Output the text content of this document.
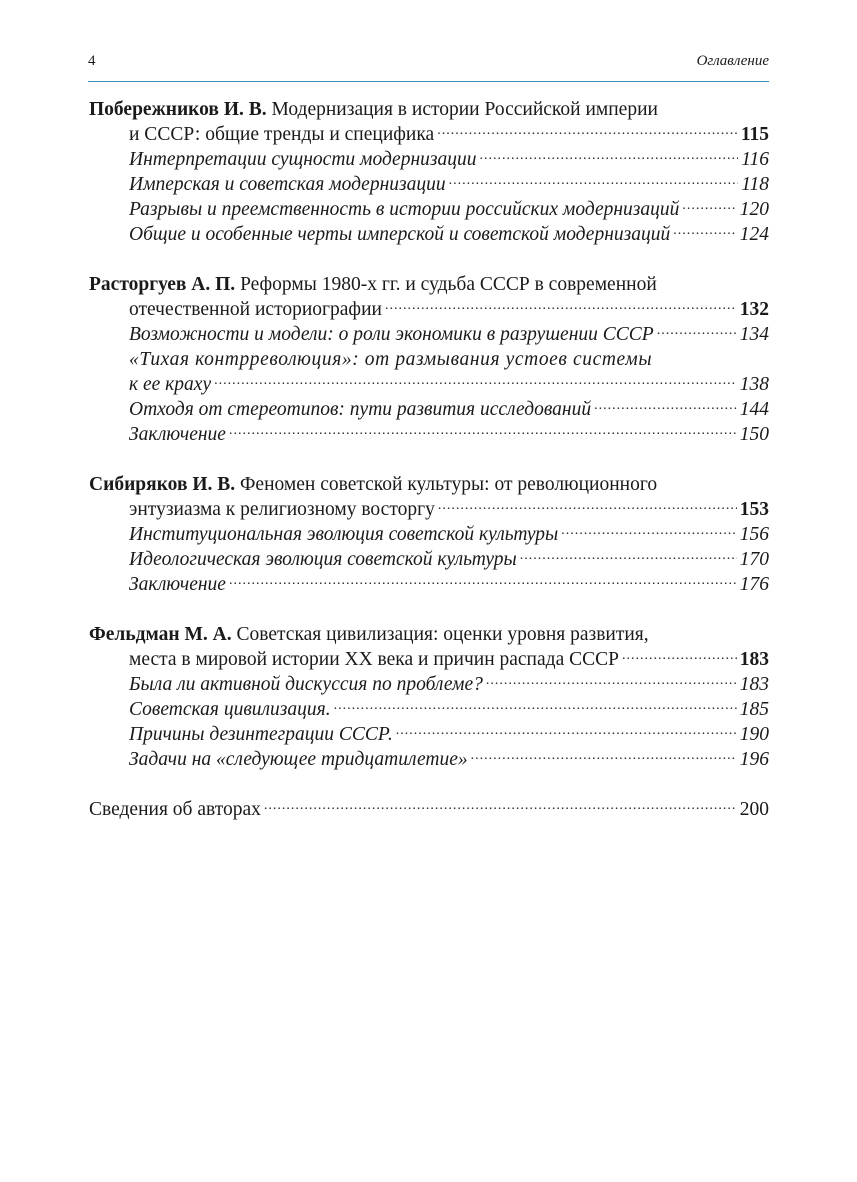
4	Оглавление
Побережников И. В. Модернизация в истории Российской империи
и СССР: общие тренды и специфика .....	115
Интерпретации сущности модернизации .....	116
Имперская и советская модернизации .....	118
Разрывы и преемственность в истории российских модернизаций .....	120
Общие и особенные черты имперской и советской модернизаций .....	124
Расторгуев А. П. Реформы 1980-х гг. и судьба СССР в современной
отечественной историографии .....	132
Возможности и модели: о роли экономики в разрушении СССР .....	134
«Тихая контрреволюция»: от размывания устоев системы
к ее краху .....	138
Отходя от стереотипов: пути развития исследований .....	144
Заключение .....	150
Сибиряков И. В. Феномен советской культуры: от революционного
энтузиазма к религиозному восторгу .....	153
Институциональная эволюция советской культуры .....	156
Идеологическая эволюция советской культуры .....	170
Заключение .....	176
Фельдман М. А. Советская цивилизация: оценки уровня развития,
места в мировой истории XX века и причин распада СССР .....	183
Была ли активной дискуссия по проблеме? .....	183
Советская цивилизация. .....	185
Причины дезинтеграции СССР. .....	190
Задачи на «следующее тридцатилетие» .....	196
Сведения об авторах .....	200
